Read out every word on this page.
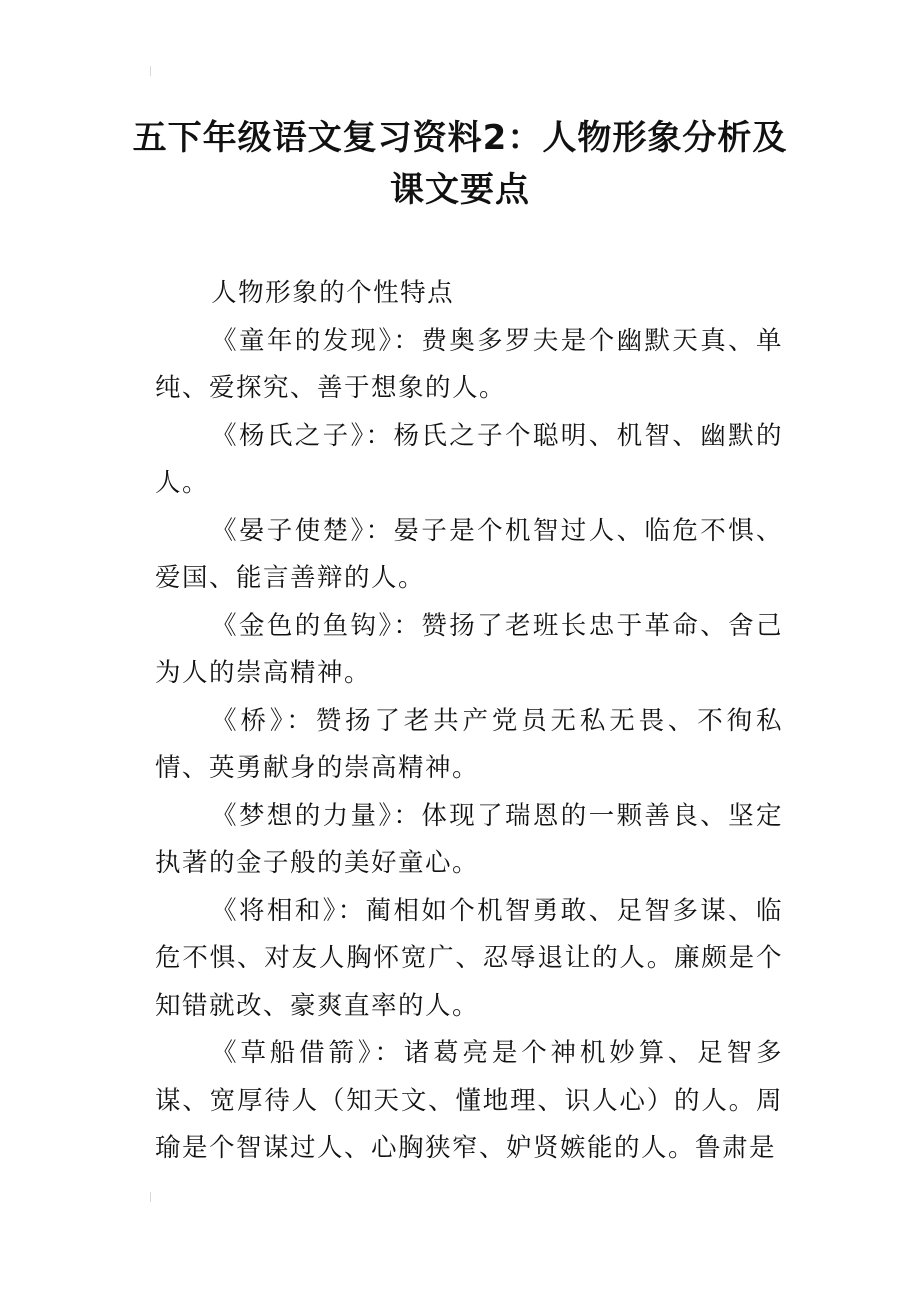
五下年级语文复习资料2：人物形象分析及课文要点

人物形象的个性特点

《童年的发现》：费奥多罗夫是个幽默天真、单纯、爱探究、善于想象的人。

《杨氏之子》：杨氏之子个聪明、机智、幽默的人。

《晏子使楚》：晏子是个机智过人、临危不惧、爱国、能言善辩的人。

《金色的鱼钩》：赞扬了老班长忠于革命、舍己为人的崇高精神。

《桥》：赞扬了老共产党员无私无畏、不徇私情、英勇献身的崇高精神。

《梦想的力量》：体现了瑞恩的一颗善良、坚定执著的金子般的美好童心。

《将相和》：蔺相如个机智勇敢、足智多谋、临危不惧、对友人胸怀宽广、忍辱退让的人。廉颇是个知错就改、豪爽直率的人。

《草船借箭》：诸葛亮是个神机妙算、足智多谋、宽厚待人（知天文、懂地理、识人心）的人。周瑜是个智谋过人、心胸狭窄、妒贤嫉能的人。鲁肃是
